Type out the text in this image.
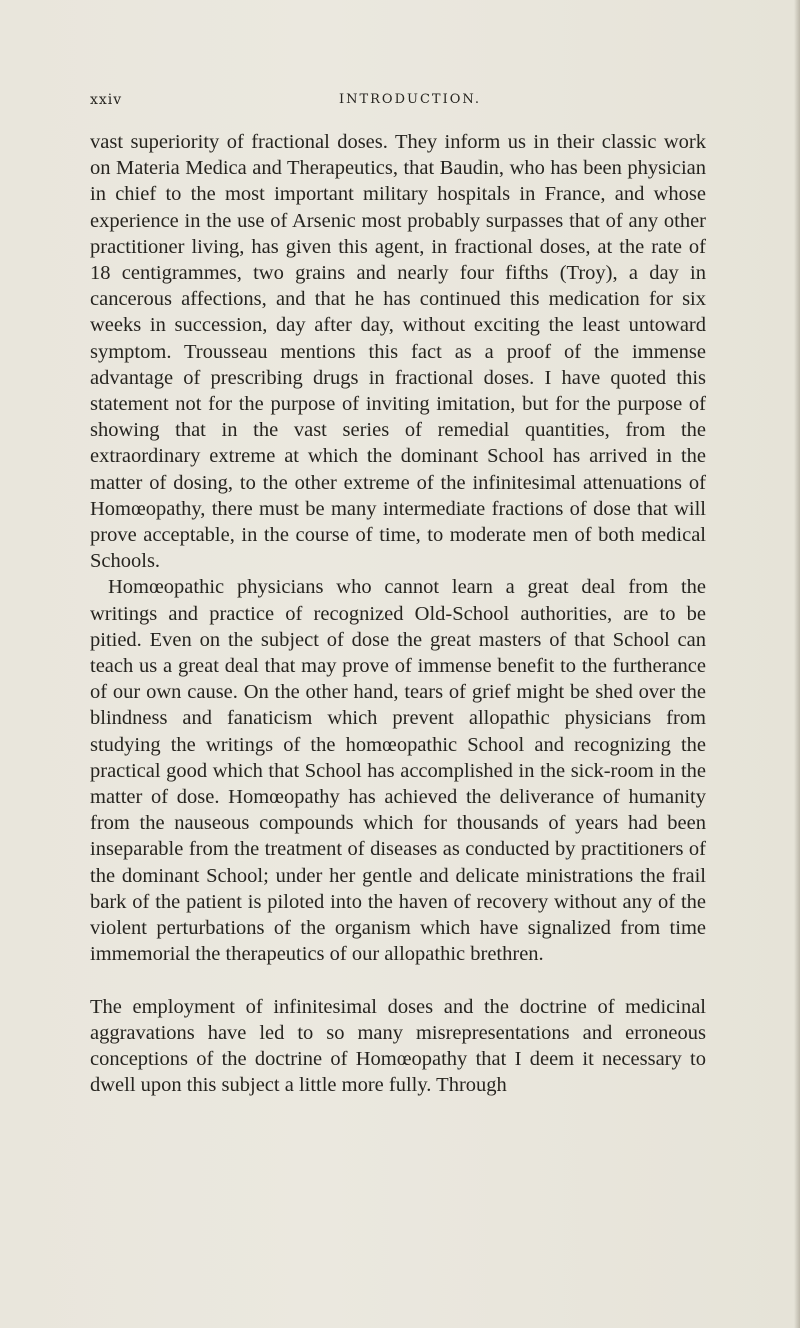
xxiv	INTRODUCTION.

vast superiority of fractional doses. They inform us in their classic work on Materia Medica and Therapeutics, that Baudin, who has been physician in chief to the most important military hospitals in France, and whose experience in the use of Arsenic most probably surpasses that of any other practitioner living, has given this agent, in fractional doses, at the rate of 18 centigrammes, two grains and nearly four fifths (Troy), a day in cancerous affections, and that he has continued this medication for six weeks in succession, day after day, without exciting the least untoward symptom. Trousseau mentions this fact as a proof of the immense advantage of prescribing drugs in fractional doses. I have quoted this statement not for the purpose of inviting imitation, but for the purpose of showing that in the vast series of remedial quantities, from the extraordinary extreme at which the dominant School has arrived in the matter of dosing, to the other extreme of the infinitesimal attenuations of Homœopathy, there must be many intermediate fractions of dose that will prove acceptable, in the course of time, to moderate men of both medical Schools.

Homœopathic physicians who cannot learn a great deal from the writings and practice of recognized Old-School authorities, are to be pitied. Even on the subject of dose the great masters of that School can teach us a great deal that may prove of immense benefit to the furtherance of our own cause. On the other hand, tears of grief might be shed over the blindness and fanaticism which prevent allopathic physicians from studying the writings of the homœopathic School and recognizing the practical good which that School has accomplished in the sick-room in the matter of dose. Homœopathy has achieved the deliverance of humanity from the nauseous compounds which for thousands of years had been inseparable from the treatment of diseases as conducted by practitioners of the dominant School; under her gentle and delicate ministrations the frail bark of the patient is piloted into the haven of recovery without any of the violent perturbations of the organism which have signalized from time immemorial the therapeutics of our allopathic brethren.

The employment of infinitesimal doses and the doctrine of medicinal aggravations have led to so many misrepresentations and erroneous conceptions of the doctrine of Homœopathy that I deem it necessary to dwell upon this subject a little more fully. Through
